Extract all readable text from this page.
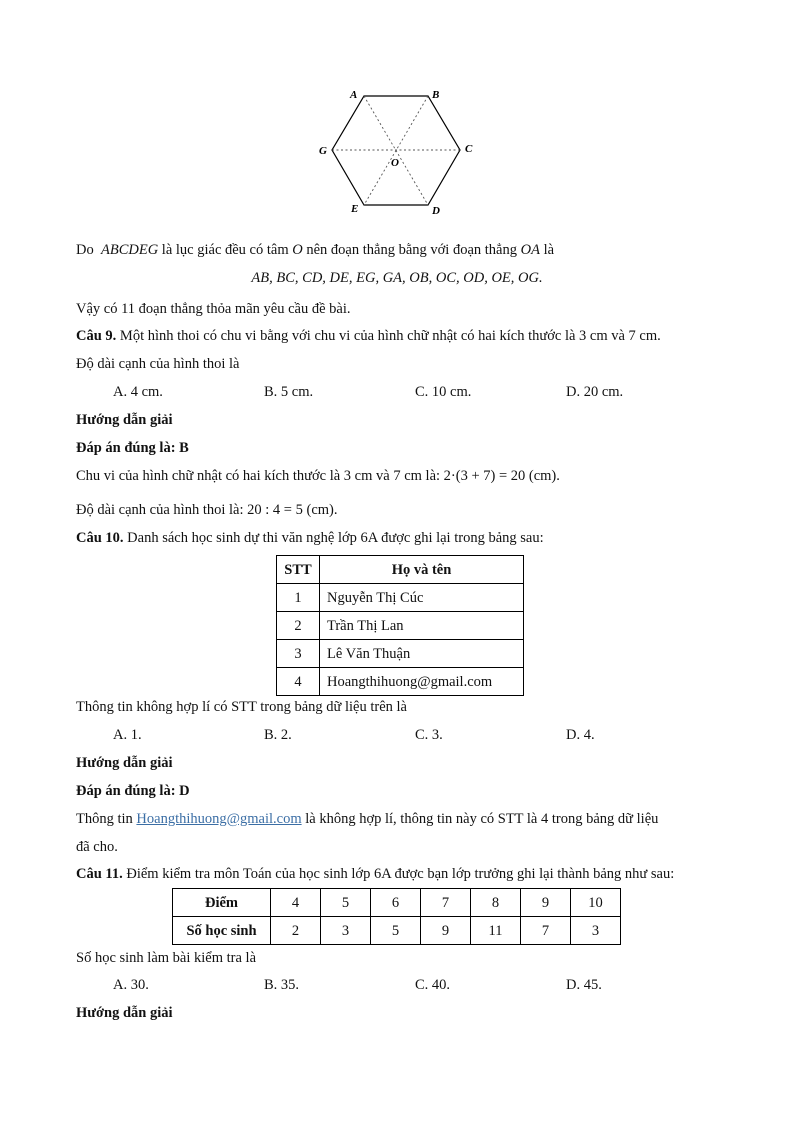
A	B
C
D
E
G
O
Do ABCDEG là lục giác đều có tâm O nên đoạn thẳng bằng với đoạn thẳng OA là
AB, BC, CD, DE, EG, GA, OB, OC, OD, OE, OG.
Vậy có 11 đoạn thẳng thỏa mãn yêu cầu đề bài.
Câu 9. Một hình thoi có chu vi bằng với chu vi của hình chữ nhật có hai kích thước là 3 cm và 7 cm.
Độ dài cạnh của hình thoi là
A. 4 cm.	B. 5 cm.	C. 10 cm.	D. 20 cm.
Hướng dẫn giải
Đáp án đúng là: B
Chu vi của hình chữ nhật có hai kích thước là 3 cm và 7 cm là: 2·(3 + 7) = 20 (cm).
Độ dài cạnh của hình thoi là: 20 : 4 = 5 (cm).
Câu 10. Danh sách học sinh dự thi văn nghệ lớp 6A được ghi lại trong bảng sau:
STT	Họ và tên
1	Nguyễn Thị Cúc
2	Trần Thị Lan
3	Lê Văn Thuận
4	Hoangthihuong@gmail.com
Thông tin không hợp lí có STT trong bảng dữ liệu trên là
A. 1.	B. 2.	C. 3.	D. 4.
Hướng dẫn giải
Đáp án đúng là: D
Thông tin Hoangthihuong@gmail.com là không hợp lí, thông tin này có STT là 4 trong bảng dữ liệu
đã cho.
Câu 11. Điểm kiểm tra môn Toán của học sinh lớp 6A được bạn lớp trưởng ghi lại thành bảng như sau:
Điểm	4	5	6	7	8	9	10
Số học sinh	2	3	5	9	11	7	3
Số học sinh làm bài kiểm tra là
A. 30.	B. 35.	C. 40.	D. 45.
Hướng dẫn giải
